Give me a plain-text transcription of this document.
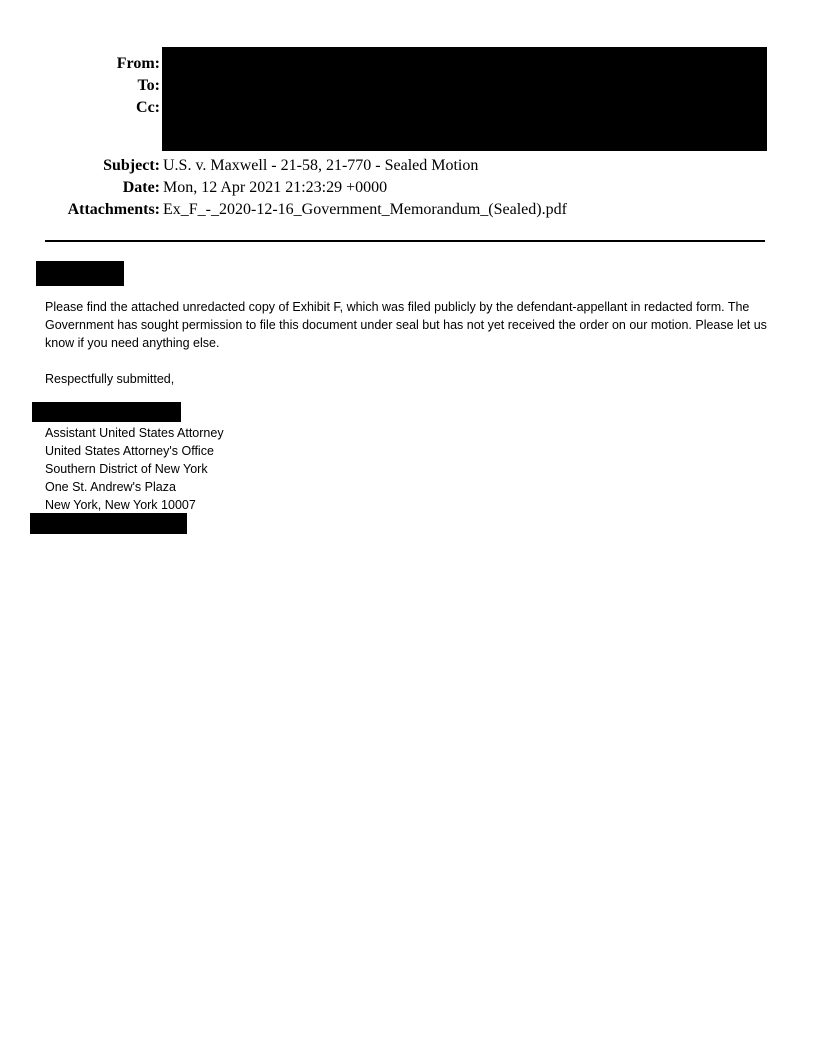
From:
To:
Cc:
Subject: U.S. v. Maxwell - 21-58, 21-770 - Sealed Motion
Date: Mon, 12 Apr 2021 21:23:29 +0000
Attachments: Ex_F_-_2020-12-16_Government_Memorandum_(Sealed).pdf
Please find the attached unredacted copy of Exhibit F, which was filed publicly by the defendant-appellant in redacted form. The Government has sought permission to file this document under seal but has not yet received the order on our motion. Please let us know if you need anything else.
Respectfully submitted,
Assistant United States Attorney
United States Attorney's Office
Southern District of New York
One St. Andrew's Plaza
New York, New York 10007
